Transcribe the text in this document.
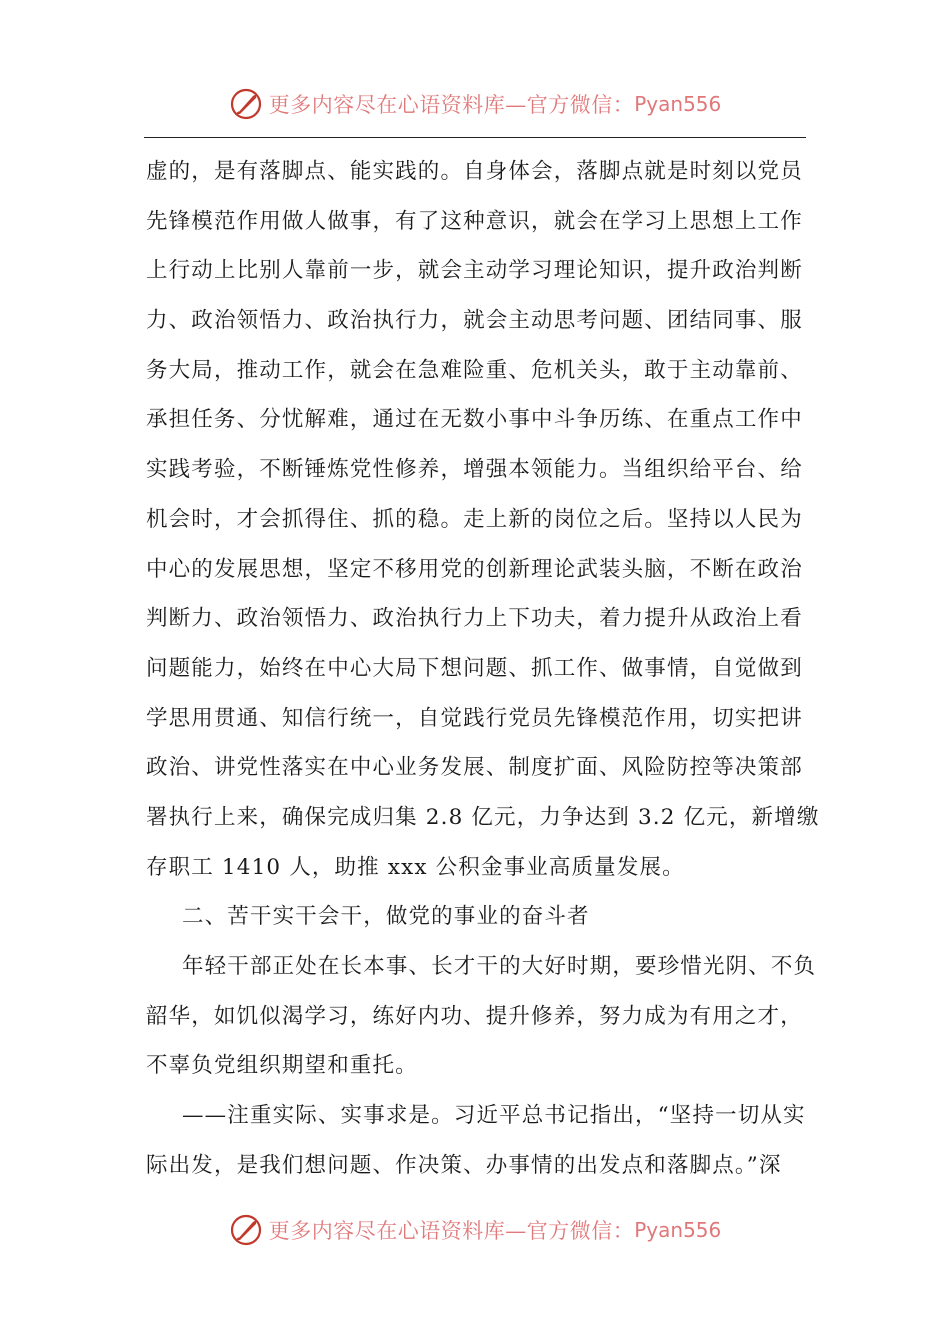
更多内容尽在心语资料库—官方微信： Pyan556
虚的，是有落脚点、能实践的。自身体会，落脚点就是时刻以党员
先锋模范作用做人做事，有了这种意识，就会在学习上思想上工作
上行动上比别人靠前一步，就会主动学习理论知识，提升政治判断
力、政治领悟力、政治执行力，就会主动思考问题、团结同事、服
务大局，推动工作，就会在急难险重、危机关头，敢于主动靠前、
承担任务、分忧解难，通过在无数小事中斗争历练、在重点工作中
实践考验，不断锤炼党性修养，增强本领能力。当组织给平台、给
机会时，才会抓得住、抓的稳。走上新的岗位之后。坚持以人民为
中心的发展思想，坚定不移用党的创新理论武装头脑，不断在政治
判断力、政治领悟力、政治执行力上下功夫，着力提升从政治上看
问题能力，始终在中心大局下想问题、抓工作、做事情，自觉做到
学思用贯通、知信行统一，自觉践行党员先锋模范作用，切实把讲
政治、讲党性落实在中心业务发展、制度扩面、风险防控等决策部
署执行上来，确保完成归集 2.8 亿元，力争达到 3.2 亿元，新增缴
存职工 1410 人，助推 xxx 公积金事业高质量发展。
二、苦干实干会干，做党的事业的奋斗者
年轻干部正处在长本事、长才干的大好时期，要珍惜光阴、不负
韶华，如饥似渴学习，练好内功、提升修养，努力成为有用之才，
不辜负党组织期望和重托。
——注重实际、实事求是。习近平总书记指出，“坚持一切从实
际出发，是我们想问题、作决策、办事情的出发点和落脚点。”深
更多内容尽在心语资料库—官方微信： Pyan556
